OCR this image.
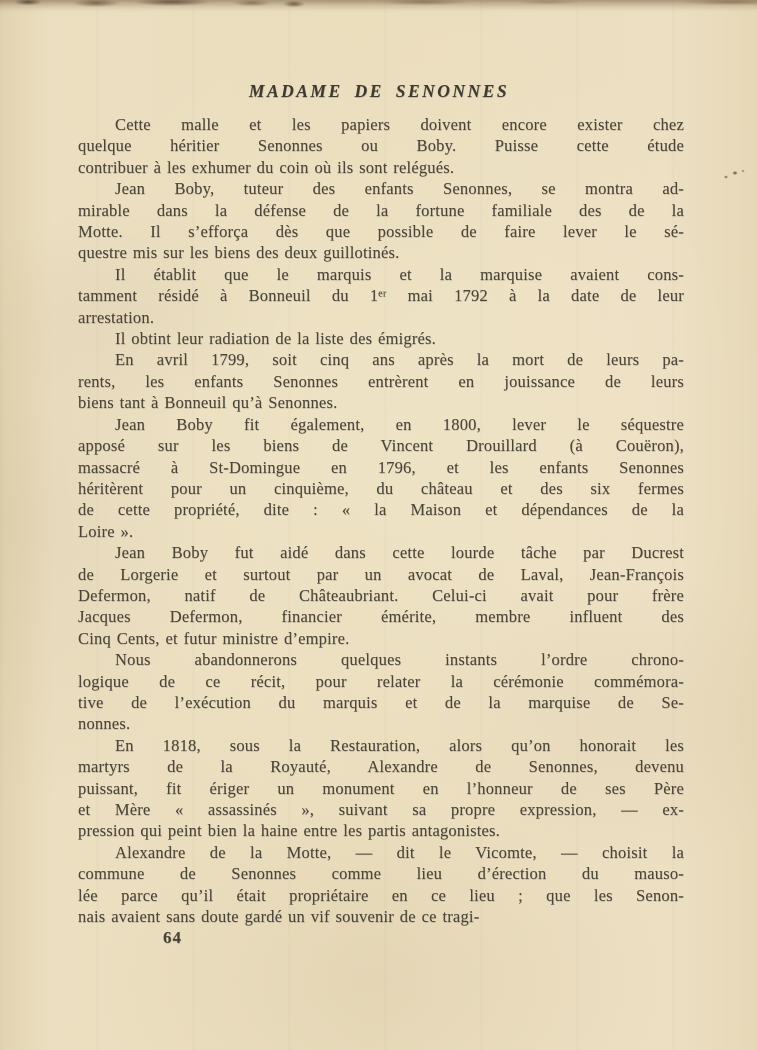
MADAME DE SENONNES

Cette malle et les papiers doivent encore exister chez
quelque héritier Senonnes ou Boby. Puisse cette étude
contribuer à les exhumer du coin où ils sont relégués.

Jean Boby, tuteur des enfants Senonnes, se montra ad-
mirable dans la défense de la fortune familiale des de la
Motte. Il s’efforça dès que possible de faire lever le sé-
questre mis sur les biens des deux guillotinés.

Il établit que le marquis et la marquise avaient cons-
tamment résidé à Bonneuil du 1ᵉʳ mai 1792 à la date de leur
arrestation.

Il obtint leur radiation de la liste des émigrés.

En avril 1799, soit cinq ans après la mort de leurs pa-
rents, les enfants Senonnes entrèrent en jouissance de leurs
biens tant à Bonneuil qu’à Senonnes.

Jean Boby fit également, en 1800, lever le séquestre
apposé sur les biens de Vincent Drouillard (à Couëron),
massacré à St-Domingue en 1796, et les enfants Senonnes
héritèrent pour un cinquième, du château et des six fermes
de cette propriété, dite : « la Maison et dépendances de la
Loire ».

Jean Boby fut aidé dans cette lourde tâche par Ducrest
de Lorgerie et surtout par un avocat de Laval, Jean-François
Defermon, natif de Châteaubriant. Celui-ci avait pour frère
Jacques Defermon, financier émérite, membre influent des
Cinq Cents, et futur ministre d’empire.

Nous abandonnerons quelques instants l’ordre chrono-
logique de ce récit, pour relater la cérémonie commémora-
tive de l’exécution du marquis et de la marquise de Se-
nonnes.

En 1818, sous la Restauration, alors qu’on honorait les
martyrs de la Royauté, Alexandre de Senonnes, devenu
puissant, fit ériger un monument en l’honneur de ses Père
et Mère « assassinés », suivant sa propre expression, — ex-
pression qui peint bien la haine entre les partis antagonistes.

Alexandre de la Motte, — dit le Vicomte, — choisit la
commune de Senonnes comme lieu d’érection du mauso-
lée parce qu’il était propriétaire en ce lieu ; que les Senon-
nais avaient sans doute gardé un vif souvenir de ce tragi-

64
